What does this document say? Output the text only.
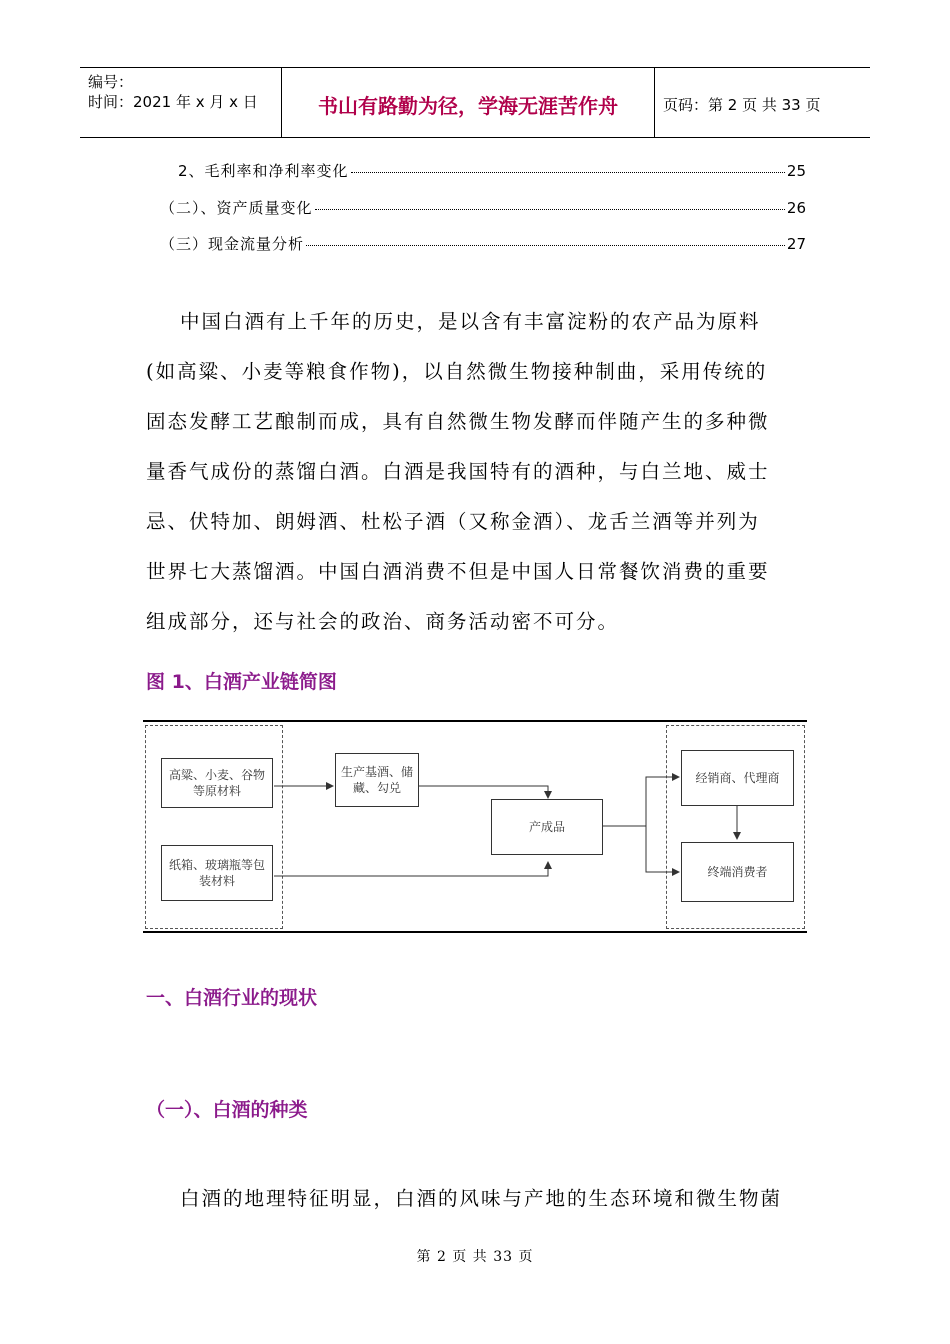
编号：
时间：2021 年 x 月 x 日	书山有路勤为径，学海无涯苦作舟	页码：第 2 页 共 33 页
2、毛利率和净利率变化	25
（二）、资产质量变化	26
（三）现金流量分析	27
中国白酒有上千年的历史，是以含有丰富淀粉的农产品为原料
(如高粱、小麦等粮食作物)，以自然微生物接种制曲，采用传统的
固态发酵工艺酿制而成，具有自然微生物发酵而伴随产生的多种微
量香气成份的蒸馏白酒。白酒是我国特有的酒种，与白兰地、威士
忌、伏特加、朗姆酒、杜松子酒（又称金酒）、龙舌兰酒等并列为
世界七大蒸馏酒。中国白酒消费不但是中国人日常餐饮消费的重要
组成部分，还与社会的政治、商务活动密不可分。
图 1、白酒产业链简图
高粱、小麦、谷物等原材料
纸箱、玻璃瓶等包装材料
生产基酒、储藏、勾兑
产成品
经销商、代理商
终端消费者
一、白酒行业的现状
（一）、白酒的种类
白酒的地理特征明显，白酒的风味与产地的生态环境和微生物菌
第 2 页 共 33 页
